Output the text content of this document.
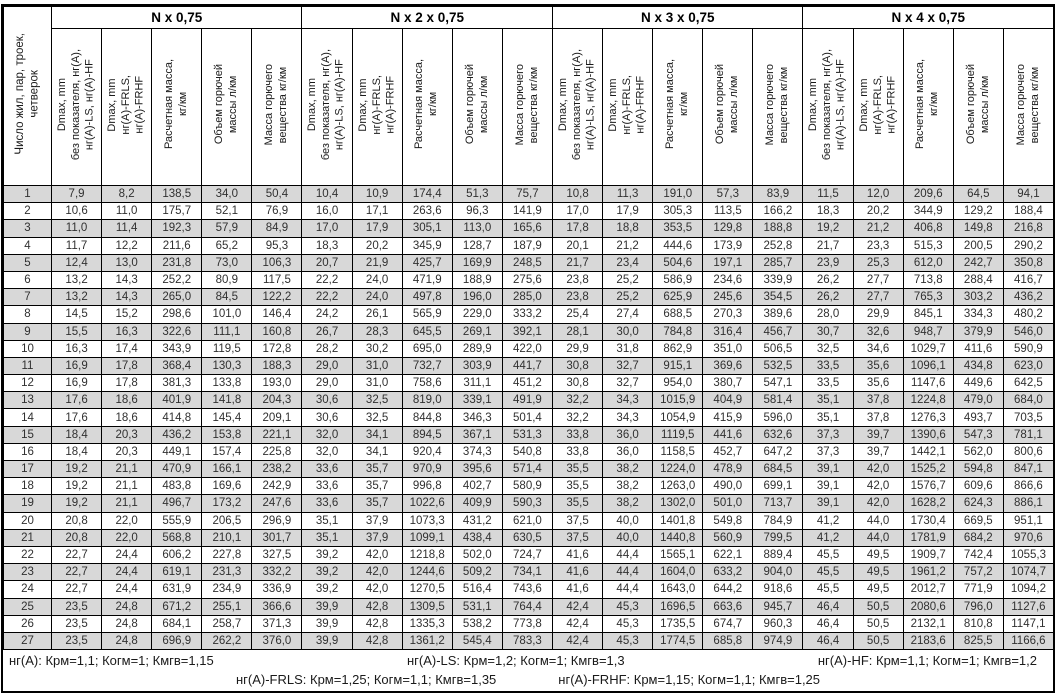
Число жил, пар, троек, четверок	N x 0,75					N x 2 x 0,75					N x 3 x 0,75					N x 4 x 0,75				
	Dmax, mm без показателя, нг(A), нг(A)-LS, нг(A)-HF	Dmax, mm нг(A)-FRLS, нг(A)-FRHF	Расчетная масса, кг/км	Объем горючей массы л/км	Масса горючего вещества кг/км	Dmax, mm без показателя, нг(A), нг(A)-LS, нг(A)-HF	Dmax, mm нг(A)-FRLS, нг(A)-FRHF	Расчетная масса, кг/км	Объем горючей массы л/км	Масса горючего вещества кг/км	Dmax, mm без показателя, нг(A), нг(A)-LS, нг(A)-HF	Dmax, mm нг(A)-FRLS, нг(A)-FRHF	Расчетная масса, кг/км	Объем горючей массы л/км	Масса горючего вещества кг/км	Dmax, mm без показателя, нг(A), нг(A)-LS, нг(A)-HF	Dmax, mm нг(A)-FRLS, нг(A)-FRHF	Расчетная масса, кг/км	Объем горючей массы л/км	Масса горючего вещества кг/км
1	7,9	8,2	138,5	34,0	50,4	10,4	10,9	174,4	51,3	75,7	10,8	11,3	191,0	57,3	83,9	11,5	12,0	209,6	64,5	94,1
2	10,6	11,0	175,7	52,1	76,9	16,0	17,1	263,6	96,3	141,9	17,0	17,9	305,3	113,5	166,2	18,3	20,2	344,9	129,2	188,4
3	11,0	11,4	192,3	57,9	84,9	17,0	17,9	305,1	113,0	165,6	17,8	18,8	353,5	129,8	188,8	19,2	21,2	406,8	149,8	216,8
4	11,7	12,2	211,6	65,2	95,3	18,3	20,2	345,9	128,7	187,9	20,1	21,2	444,6	173,9	252,8	21,7	23,3	515,3	200,5	290,2
5	12,4	13,0	231,8	73,0	106,3	20,7	21,9	425,7	169,9	248,5	21,7	23,4	504,6	197,1	285,7	23,9	25,3	612,0	242,7	350,8
6	13,2	14,3	252,2	80,9	117,5	22,2	24,0	471,9	188,9	275,6	23,8	25,2	586,9	234,6	339,9	26,2	27,7	713,8	288,4	416,7
7	13,2	14,3	265,0	84,5	122,2	22,2	24,0	497,8	196,0	285,0	23,8	25,2	625,9	245,6	354,5	26,2	27,7	765,3	303,2	436,2
8	14,5	15,2	298,6	101,0	146,4	24,2	26,1	565,9	229,0	333,2	25,4	27,4	688,5	270,3	389,6	28,0	29,9	845,1	334,3	480,2
9	15,5	16,3	322,6	111,1	160,8	26,7	28,3	645,5	269,1	392,1	28,1	30,0	784,8	316,4	456,7	30,7	32,6	948,7	379,9	546,0
10	16,3	17,4	343,9	119,5	172,8	28,2	30,2	695,0	289,9	422,0	29,9	31,8	862,9	351,0	506,5	32,5	34,6	1029,7	411,6	590,9
11	16,9	17,8	368,4	130,3	188,3	29,0	31,0	732,7	303,9	441,7	30,8	32,7	915,1	369,6	532,5	33,5	35,6	1096,1	434,8	623,0
12	16,9	17,8	381,3	133,8	193,0	29,0	31,0	758,6	311,1	451,2	30,8	32,7	954,0	380,7	547,1	33,5	35,6	1147,6	449,6	642,5
13	17,6	18,6	401,9	141,8	204,3	30,6	32,5	819,0	339,1	491,9	32,2	34,3	1015,9	404,9	581,4	35,1	37,8	1224,8	479,0	684,0
14	17,6	18,6	414,8	145,4	209,1	30,6	32,5	844,8	346,3	501,4	32,2	34,3	1054,9	415,9	596,0	35,1	37,8	1276,3	493,7	703,5
15	18,4	20,3	436,2	153,8	221,1	32,0	34,1	894,5	367,1	531,3	33,8	36,0	1119,5	441,6	632,6	37,3	39,7	1390,6	547,3	781,1
16	18,4	20,3	449,1	157,4	225,8	32,0	34,1	920,4	374,3	540,8	33,8	36,0	1158,5	452,7	647,2	37,3	39,7	1442,1	562,0	800,6
17	19,2	21,1	470,9	166,1	238,2	33,6	35,7	970,9	395,6	571,4	35,5	38,2	1224,0	478,9	684,5	39,1	42,0	1525,2	594,8	847,1
18	19,2	21,1	483,8	169,6	242,9	33,6	35,7	996,8	402,7	580,9	35,5	38,2	1263,0	490,0	699,1	39,1	42,0	1576,7	609,6	866,6
19	19,2	21,1	496,7	173,2	247,6	33,6	35,7	1022,6	409,9	590,3	35,5	38,2	1302,0	501,0	713,7	39,1	42,0	1628,2	624,3	886,1
20	20,8	22,0	555,9	206,5	296,9	35,1	37,9	1073,3	431,2	621,0	37,5	40,0	1401,8	549,8	784,9	41,2	44,0	1730,4	669,5	951,1
21	20,8	22,0	568,8	210,1	301,7	35,1	37,9	1099,1	438,4	630,5	37,5	40,0	1440,8	560,9	799,5	41,2	44,0	1781,9	684,2	970,6
22	22,7	24,4	606,2	227,8	327,5	39,2	42,0	1218,8	502,0	724,7	41,6	44,4	1565,1	622,1	889,4	45,5	49,5	1909,7	742,4	1055,3
23	22,7	24,4	619,1	231,3	332,2	39,2	42,0	1244,6	509,2	734,1	41,6	44,4	1604,0	633,2	904,0	45,5	49,5	1961,2	757,2	1074,7
24	22,7	24,4	631,9	234,9	336,9	39,2	42,0	1270,5	516,4	743,6	41,6	44,4	1643,0	644,2	918,6	45,5	49,5	2012,7	771,9	1094,2
25	23,5	24,8	671,2	255,1	366,6	39,9	42,8	1309,5	531,1	764,4	42,4	45,3	1696,5	663,6	945,7	46,4	50,5	2080,6	796,0	1127,6
26	23,5	24,8	684,1	258,7	371,3	39,9	42,8	1335,3	538,2	773,8	42,4	45,3	1735,5	674,7	960,3	46,4	50,5	2132,1	810,8	1147,1
27	23,5	24,8	696,9	262,2	376,0	39,9	42,8	1361,2	545,4	783,3	42,4	45,3	1774,5	685,8	974,9	46,4	50,5	2183,6	825,5	1166,6
нг(A): Крм=1,1; Когм=1; Кмгв=1,15	нг(A)-LS: Крм=1,2; Когм=1; Кмгв=1,3	нг(A)-HF: Крм=1,1; Когм=1; Кмгв=1,2
нг(A)-FRLS: Крм=1,25; Когм=1,1; Кмгв=1,35	нг(A)-FRHF: Крм=1,15; Когм=1,1; Кмгв=1,25
